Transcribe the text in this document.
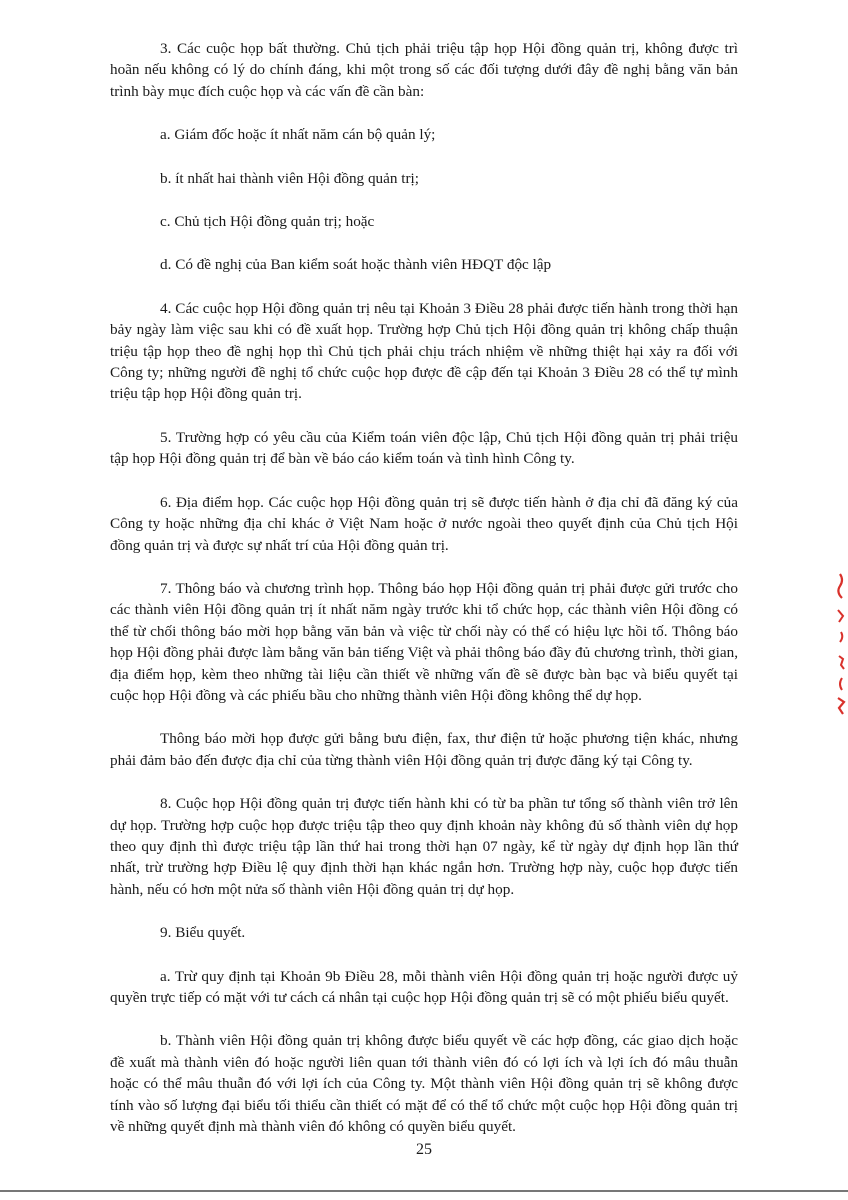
3. Các cuộc họp bất thường. Chủ tịch phải triệu tập họp Hội đồng quản trị, không được trì hoãn nếu không có lý do chính đáng, khi một trong số các đối tượng dưới đây đề nghị bằng văn bản trình bày mục đích cuộc họp và các vấn đề cần bàn:

a. Giám đốc hoặc ít nhất năm cán bộ quản lý;

b. ít nhất hai thành viên Hội đồng quản trị;

c. Chủ tịch Hội đồng quản trị; hoặc

d. Có đề nghị của Ban kiểm soát hoặc thành viên HĐQT độc lập

4. Các cuộc họp Hội đồng quản trị nêu tại Khoản 3 Điều 28 phải được tiến hành trong thời hạn bảy ngày làm việc sau khi có đề xuất họp. Trường hợp Chủ tịch Hội đồng quản trị không chấp thuận triệu tập họp theo đề nghị họp thì Chủ tịch phải chịu trách nhiệm về những thiệt hại xảy ra đối với Công ty; những người đề nghị tổ chức cuộc họp được đề cập đến tại Khoản 3 Điều 28 có thể tự mình triệu tập họp Hội đồng quản trị.

5. Trường hợp có yêu cầu của Kiểm toán viên độc lập, Chủ tịch Hội đồng quản trị phải triệu tập họp Hội đồng quản trị để bàn về báo cáo kiểm toán và tình hình Công ty.

6. Địa điểm họp. Các cuộc họp Hội đồng quản trị sẽ được tiến hành ở địa chỉ đã đăng ký của Công ty hoặc những địa chỉ khác ở Việt Nam hoặc ở nước ngoài theo quyết định của Chủ tịch Hội đồng quản trị và được sự nhất trí của Hội đồng quản trị.

7. Thông báo và chương trình họp. Thông báo họp Hội đồng quản trị phải được gửi trước cho các thành viên Hội đồng quản trị ít nhất năm ngày trước khi tổ chức họp, các thành viên Hội đồng có thể từ chối thông báo mời họp bằng văn bản và việc từ chối này có thể có hiệu lực hồi tố. Thông báo họp Hội đồng phải được làm bằng văn bản tiếng Việt và phải thông báo đầy đủ chương trình, thời gian, địa điểm họp, kèm theo những tài liệu cần thiết về những vấn đề sẽ được bàn bạc và biểu quyết tại cuộc họp Hội đồng và các phiếu bầu cho những thành viên Hội đồng không thể dự họp.

Thông báo mời họp được gửi bằng bưu điện, fax, thư điện tử hoặc phương tiện khác, nhưng phải đảm bảo đến được địa chỉ của từng thành viên Hội đồng quản trị được đăng ký tại Công ty.

8. Cuộc họp Hội đồng quản trị được tiến hành khi có từ ba phần tư tổng số thành viên trở lên dự họp. Trường hợp cuộc họp được triệu tập theo quy định khoản này không đủ số thành viên dự họp theo quy định thì được triệu tập lần thứ hai trong thời hạn 07 ngày, kể từ ngày dự định họp lần thứ nhất, trừ trường hợp Điều lệ quy định thời hạn khác ngắn hơn. Trường hợp này, cuộc họp được tiến hành, nếu có hơn một nửa số thành viên Hội đồng quản trị dự họp.

9. Biểu quyết.

a. Trừ quy định tại Khoản 9b Điều 28, mỗi thành viên Hội đồng quản trị hoặc người được uỷ quyền trực tiếp có mặt với tư cách cá nhân tại cuộc họp Hội đồng quản trị sẽ có một phiếu biểu quyết.

b. Thành viên Hội đồng quản trị không được biểu quyết về các hợp đồng, các giao dịch hoặc đề xuất mà thành viên đó hoặc người liên quan tới thành viên đó có lợi ích và lợi ích đó mâu thuẫn hoặc có thể mâu thuẫn đó với lợi ích của Công ty. Một thành viên Hội đồng quản trị sẽ không được tính vào số lượng đại biểu tối thiểu cần thiết có mặt để có thể tổ chức một cuộc họp Hội đồng quản trị về những quyết định mà thành viên đó không có quyền biểu quyết.

25
